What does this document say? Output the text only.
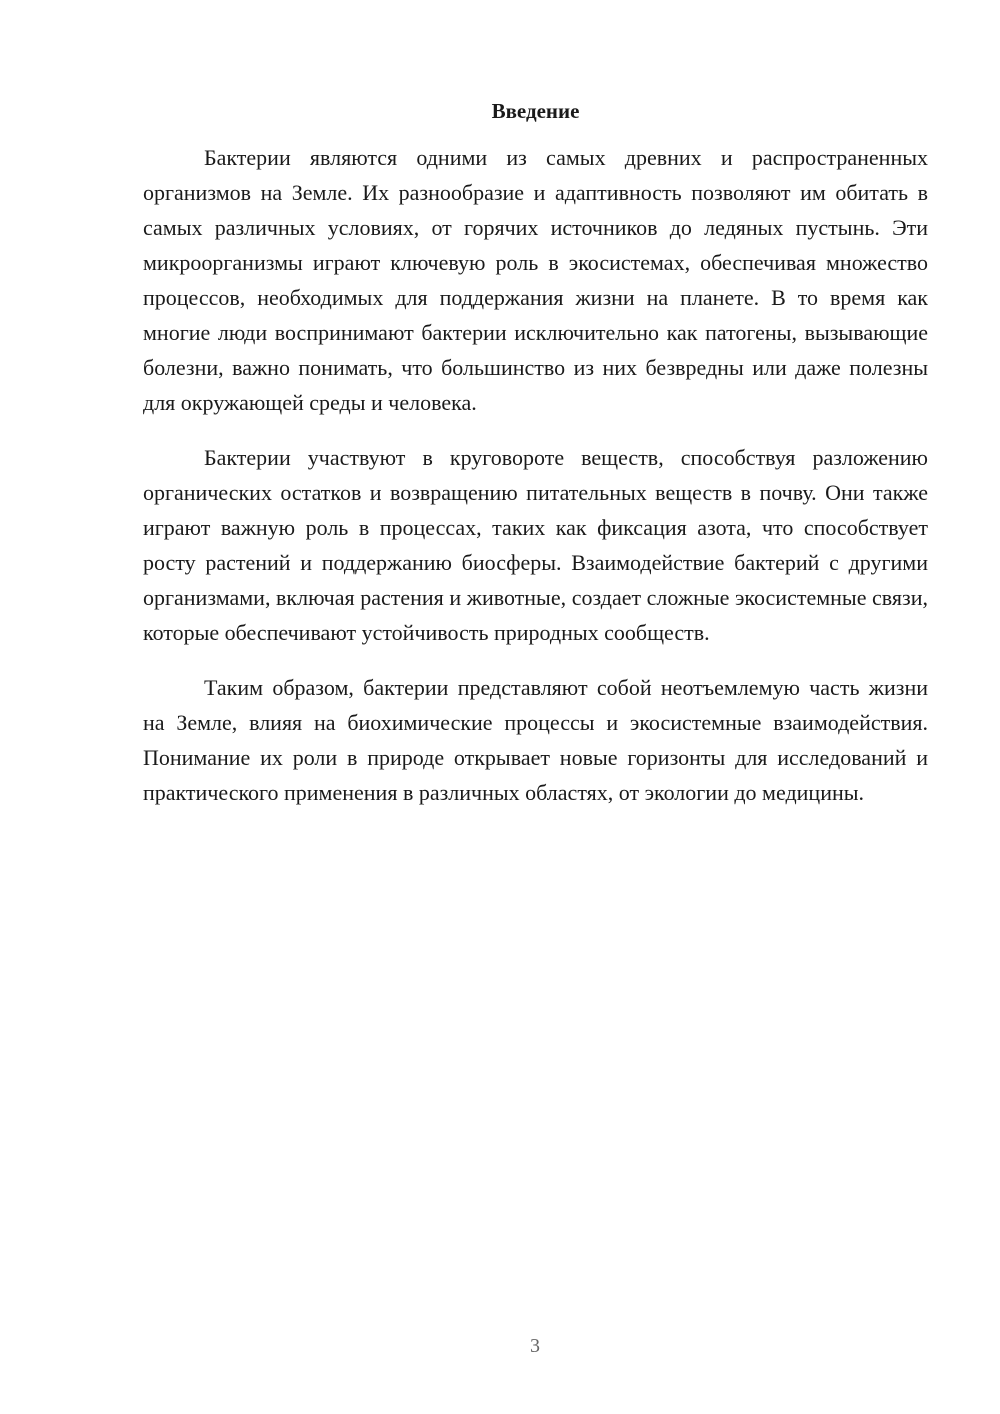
Введение

Бактерии являются одними из самых древних и распространенных организмов на Земле. Их разнообразие и адаптивность позволяют им обитать в самых различных условиях, от горячих источников до ледяных пустынь. Эти микроорганизмы играют ключевую роль в экосистемах, обеспечивая множество процессов, необходимых для поддержания жизни на планете. В то время как многие люди воспринимают бактерии исключительно как патогены, вызывающие болезни, важно понимать, что большинство из них безвредны или даже полезны для окружающей среды и человека.

Бактерии участвуют в круговороте веществ, способствуя разложению органических остатков и возвращению питательных веществ в почву. Они также играют важную роль в процессах, таких как фиксация азота, что способствует росту растений и поддержанию биосферы. Взаимодействие бактерий с другими организмами, включая растения и животные, создает сложные экосистемные связи, которые обеспечивают устойчивость природных сообществ.

Таким образом, бактерии представляют собой неотъемлемую часть жизни на Земле, влияя на биохимические процессы и экосистемные взаимодействия. Понимание их роли в природе открывает новые горизонты для исследований и практического применения в различных областях, от экологии до медицины.

3
